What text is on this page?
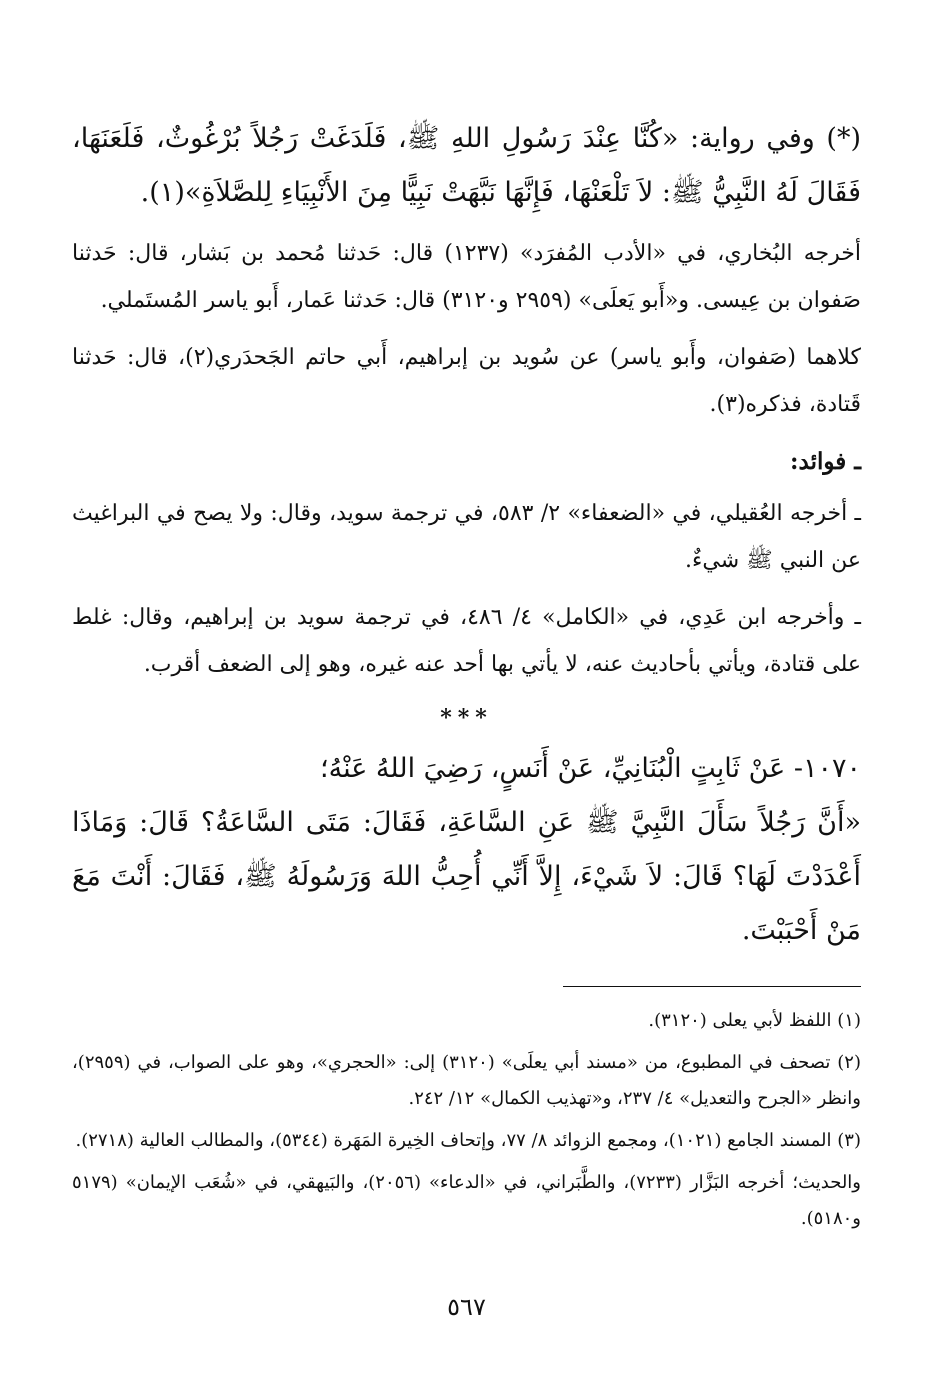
(*) وفي رواية: «كُنَّا عِنْدَ رَسُولِ اللهِ ﷺ، فَلَدَغَتْ رَجُلاً بُرْغُوثٌ، فَلَعَنَهَا، فَقَالَ لَهُ النَّبِيُّ ﷺ: لاَ تَلْعَنْهَا، فَإِنَّهَا نَبَّهَتْ نَبِيًّا مِنَ الأَنْبِيَاءِ لِلصَّلاَةِ»(١).

أخرجه البُخاري، في «الأدب المُفرَد» (١٢٣٧) قال: حَدثنا مُحمد بن بَشار، قال: حَدثنا صَفوان بن عِيسى. و«أَبو يَعلَى» (٢٩٥٩ و٣١٢٠) قال: حَدثنا عَمار، أَبو ياسر المُستَملي.

كلاهما (صَفوان، وأَبو ياسر) عن سُويد بن إبراهيم، أَبي حاتم الجَحدَري(٢)، قال: حَدثنا قَتادة، فذكره(٣).

ـ فوائد:

ـ أخرجه العُقيلي، في «الضعفاء» ٢/ ٥٨٣، في ترجمة سويد، وقال: ولا يصح في البراغيث عن النبي ﷺ شيءٌ.

ـ وأخرجه ابن عَدِي، في «الكامل» ٤/ ٤٨٦، في ترجمة سويد بن إبراهيم، وقال: غلط على قتادة، ويأتي بأحاديث عنه، لا يأتي بها أحد عنه غيره، وهو إلى الضعف أقرب.

***
١٠٧٠- عَنْ ثَابِتٍ الْبُنَانِيِّ، عَنْ أَنَسٍ، رَضِيَ اللهُ عَنْهُ؛

«أَنَّ رَجُلاً سَأَلَ النَّبِيَّ ﷺ عَنِ السَّاعَةِ، فَقَالَ: مَتَى السَّاعَةُ؟ قَالَ: وَمَاذَا أَعْدَدْتَ لَهَا؟ قَالَ: لاَ شَيْءَ، إِلاَّ أَنِّي أُحِبُّ اللهَ وَرَسُولَهُ ﷺ، فَقَالَ: أَنْتَ مَعَ مَنْ أَحْبَبْتَ.

(١) اللفظ لأبي يعلى (٣١٢٠).

(٢) تصحف في المطبوع، من «مسند أبي يعلَى» (٣١٢٠) إلى: «الحجري»، وهو على الصواب، في (٢٩٥٩)، وانظر «الجرح والتعديل» ٤/ ٢٣٧، و«تهذيب الكمال» ١٢/ ٢٤٢.

(٣) المسند الجامع (١٠٢١)، ومجمع الزوائد ٨/ ٧٧، وإتحاف الخِيرة المَهَرة (٥٣٤٤)، والمطالب العالية (٢٧١٨).

والحديث؛ أخرجه البَزَّار (٧٢٣٣)، والطَّبَراني، في «الدعاء» (٢٠٥٦)، والبَيهقي، في «شُعَب الإيمان» (٥١٧٩ و٥١٨٠).

٥٦٧
